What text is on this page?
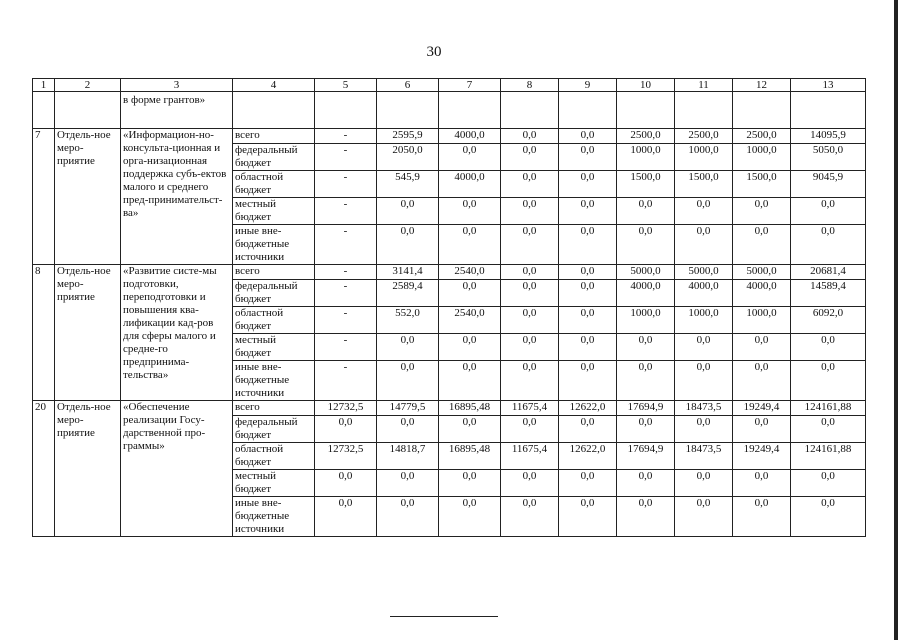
30
1	2	3	4	5	6	7	8	9	10	11	12	13
		в форме грантов»										
7	Отдель-ное меро-приятие	«Информацион-но-консульта-ционная и орга-низационная поддержка субъ-ектов малого и среднего пред-принимательст-ва»	всего	-	2595,9	4000,0	0,0	0,0	2500,0	2500,0	2500,0	14095,9
			федеральный бюджет	-	2050,0	0,0	0,0	0,0	1000,0	1000,0	1000,0	5050,0
			областной бюджет	-	545,9	4000,0	0,0	0,0	1500,0	1500,0	1500,0	9045,9
			местный бюджет	-	0,0	0,0	0,0	0,0	0,0	0,0	0,0	0,0
			иные вне-бюджетные источники	-	0,0	0,0	0,0	0,0	0,0	0,0	0,0	0,0
8	Отдель-ное меро-приятие	«Развитие систе-мы подготовки, переподготовки и повышения ква-лификации кад-ров для сферы малого и средне-го предпринима-тельства»	всего	-	3141,4	2540,0	0,0	0,0	5000,0	5000,0	5000,0	20681,4
			федеральный бюджет	-	2589,4	0,0	0,0	0,0	4000,0	4000,0	4000,0	14589,4
			областной бюджет	-	552,0	2540,0	0,0	0,0	1000,0	1000,0	1000,0	6092,0
			местный бюджет	-	0,0	0,0	0,0	0,0	0,0	0,0	0,0	0,0
			иные вне-бюджетные источники	-	0,0	0,0	0,0	0,0	0,0	0,0	0,0	0,0
20	Отдель-ное меро-приятие	«Обеспечение реализации Госу-дарственной про-граммы»	всего	12732,5	14779,5	16895,48	11675,4	12622,0	17694,9	18473,5	19249,4	124161,88
			федеральный бюджет	0,0	0,0	0,0	0,0	0,0	0,0	0,0	0,0	0,0
			областной бюджет	12732,5	14818,7	16895,48	11675,4	12622,0	17694,9	18473,5	19249,4	124161,88
			местный бюджет	0,0	0,0	0,0	0,0	0,0	0,0	0,0	0,0	0,0
			иные вне-бюджетные источники	0,0	0,0	0,0	0,0	0,0	0,0	0,0	0,0	0,0
